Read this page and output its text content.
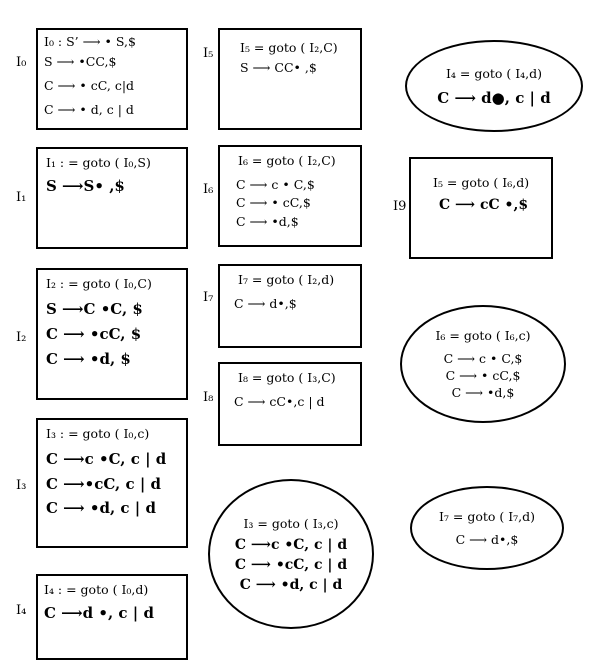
I₀
I₀ : S’ ⟶ • S,$
S ⟶ •CC,$
C ⟶ • cC, c|d
C ⟶ • d, c | d
I₁
I₁ : = goto ( I₀,S)
S ⟶S• ,$
I₂
I₂ : = goto ( I₀,C)
S ⟶C •C, $
C ⟶ •cC, $
C ⟶ •d, $
I₃
I₃ : = goto ( I₀,c)
C ⟶c •C, c | d
C ⟶•cC, c | d
C ⟶ •d, c | d
I₄
I₄ : = goto ( I₀,d)
C ⟶d •, c | d
I₅ I₅ = goto ( I₂,C)
S ⟶ CC• ,$
I₆
I₆ = goto ( I₂,C)
C ⟶ c • C,$
C ⟶ • cC,$
C ⟶ •d,$
I₇
I₇ = goto ( I₂,d)
C ⟶ d•,$
I₈
I₈ = goto ( I₃,C)
C ⟶ cC•,c | d
I₃ = goto ( I₃,c)
C ⟶c •C, c | d
C ⟶ •cC, c | d
C ⟶ •d, c | d
I₄ = goto ( I₄,d)
C ⟶ d●, c | d
I9
I₅ = goto ( I₆,d)
C ⟶ cC •,$
I₆ = goto ( I₆,c)
C ⟶ c • C,$
C ⟶ • cC,$
C ⟶ •d,$
I₇ = goto ( I₇,d)
C ⟶ d•,$
